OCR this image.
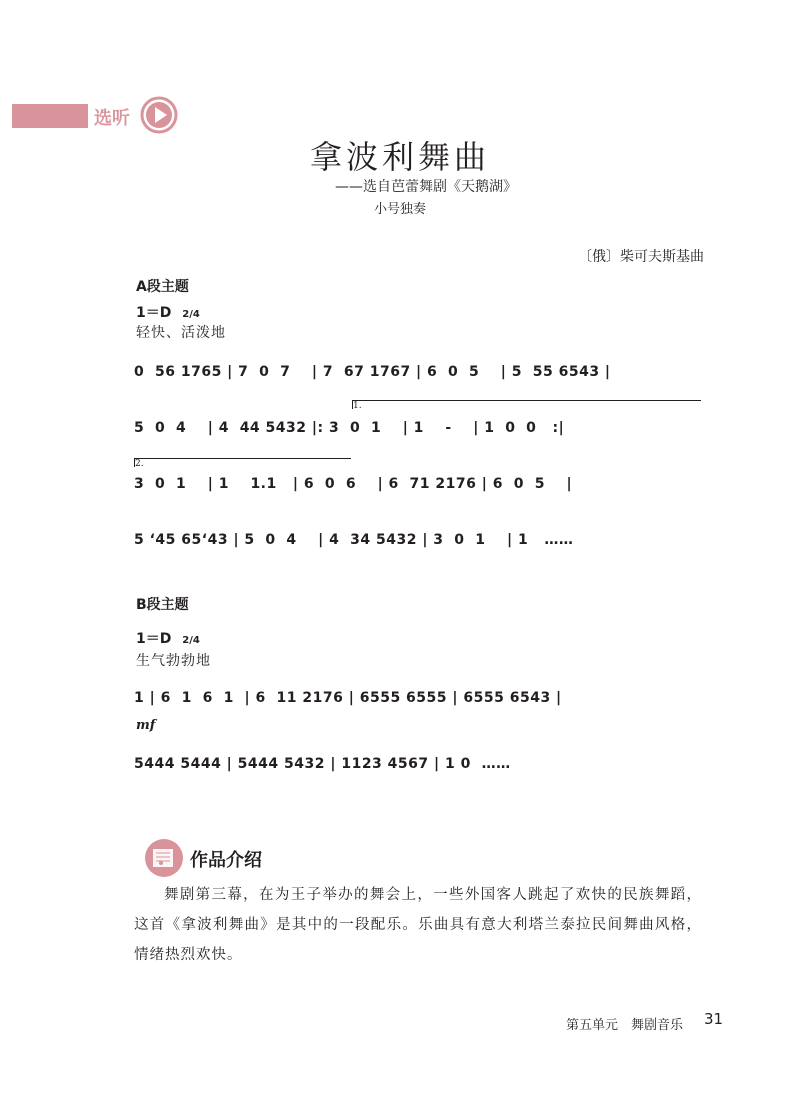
选听
拿波利舞曲
——选自芭蕾舞剧《天鹅湖》
小号独奏
〔俄〕柴可夫斯基曲
A段主题
1＝D 2/4
轻快、活泼地
0  56 1765 | 7  0  7    | 7  67 1767 | 6  0  5    | 5  55 6543 |
1.
5  0  4    | 4  44 5432 |: 3  0  1    | 1    -    | 1  0  0   :|
2.
3  0  1    | 1    1.1   | 6  0  6    | 6  71 2176 | 6  0  5    |
5 ‘45 65‘43 | 5  0  4    | 4  34 5432 | 3  0  1    | 1   ……
B段主题
1＝D 2/4
生气勃勃地
1 | 6  1  6  1  | 6  11 2176 | 6555 6555 | 6555 6543 |
mf
5444 5444 | 5444 5432 | 1123 4567 | 1 0  ……
作品介绍
舞剧第三幕，在为王子举办的舞会上，一些外国客人跳起了欢快的民族舞蹈，这首《拿波利舞曲》是其中的一段配乐。乐曲具有意大利塔兰泰拉民间舞曲风格，情绪热烈欢快。
第五单元　舞剧音乐 31
